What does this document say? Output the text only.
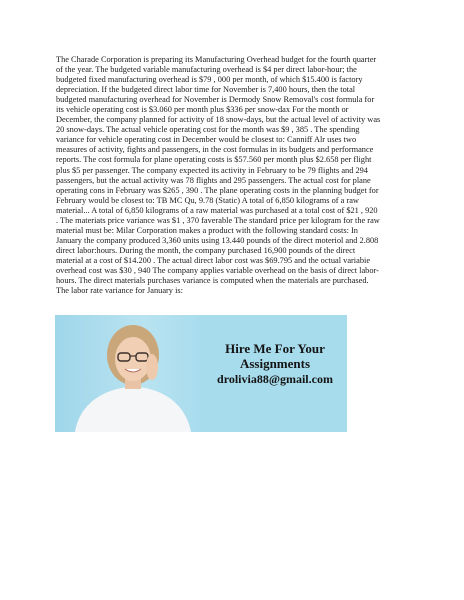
The Charade Corporation is preparing its Manufacturing Overhead budget for the fourth quarter
of the year. The budgeted variable manufacturing overhead is $4 per direct labor-hour; the
budgeted fixed manufacturing overhead is $79 , 000 per month, of which $15.400 is factory
depreciation. If the budgeted direct labor time for November is 7,400 hours, then the total
budgeted manufacturing overhead for November is Dermody Snow Removal's cost formula for
its vehicle operating cost is $3.060 per month plus $336 per snow-dax For the month or
December, the company planned for activity of 18 snow-days, but the actual level of activity was
20 snow-days. The actual vehicle operating cost for the month was $9 , 385 . The spending
variance for vehicle operating cost in December would be closest to: Canniff Alr uses two
measures of activity, fights and passengers, in the cost formulas in its budgets and performance
reports. The cost formula for plane operating costs is $57.560 per month plus $2.658 per flight
plus $5 per passenger. The company expected its activity in February to be 79 flights and 294
passengers, but the actual activity was 78 flights and 295 passengers. The actual cost for plane
operating cons in February was $265 , 390 . The plane operating costs in the planning budget for
February would be closest to: TB MC Qu, 9.78 (Static) A total of 6,850 kilograms of a raw
material... A total of 6,850 kilograms of a raw material was purchased at a total cost of $21 , 920
. The materiats price variance was $1 , 370 faverable The standard price per kilogram for the raw
material must be: Milar Corporation makes a product with the following standard costs: In
January the company produced 3,360 units using 13.440 pounds of the direct moteriol and 2.808
direct labor:hours. During the month, the company purchased 16,900 pounds of the direct
material at a cost of $14.200 . The actual direct labor cost was $69.795 and the octual variabie
overhead cost was $30 , 940 The company applies variable overhead on the basis of direct labor-
hours. The direct materials purchases variance is computed when the materials are purchased.
The labor rate variance for January is:

Hire Me For Your
Assignments
drolivia88@gmail.com
